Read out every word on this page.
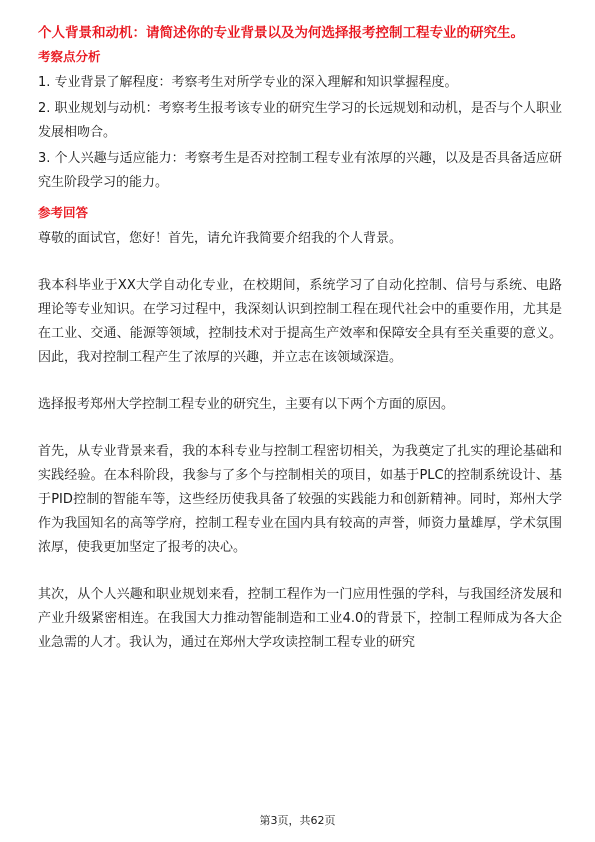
个人背景和动机：请简述你的专业背景以及为何选择报考控制工程专业的研究生。
考察点分析
1. 专业背景了解程度：考察考生对所学专业的深入理解和知识掌握程度。
2. 职业规划与动机：考察考生报考该专业的研究生学习的长远规划和动机，是否与个人职业发展相吻合。
3. 个人兴趣与适应能力：考察考生是否对控制工程专业有浓厚的兴趣，以及是否具备适应研究生阶段学习的能力。
参考回答
尊敬的面试官，您好！首先，请允许我简要介绍我的个人背景。
我本科毕业于XX大学自动化专业，在校期间，系统学习了自动化控制、信号与系统、电路理论等专业知识。在学习过程中，我深刻认识到控制工程在现代社会中的重要作用，尤其是在工业、交通、能源等领域，控制技术对于提高生产效率和保障安全具有至关重要的意义。因此，我对控制工程产生了浓厚的兴趣，并立志在该领域深造。
选择报考郑州大学控制工程专业的研究生，主要有以下两个方面的原因。
首先，从专业背景来看，我的本科专业与控制工程密切相关，为我奠定了扎实的理论基础和实践经验。在本科阶段，我参与了多个与控制相关的项目，如基于PLC的控制系统设计、基于PID控制的智能车等，这些经历使我具备了较强的实践能力和创新精神。同时，郑州大学作为我国知名的高等学府，控制工程专业在国内具有较高的声誉，师资力量雄厚，学术氛围浓厚，使我更加坚定了报考的决心。
其次，从个人兴趣和职业规划来看，控制工程作为一门应用性强的学科，与我国经济发展和产业升级紧密相连。在我国大力推动智能制造和工业4.0的背景下，控制工程师成为各大企业急需的人才。我认为，通过在郑州大学攻读控制工程专业的研究
第3页，共62页
